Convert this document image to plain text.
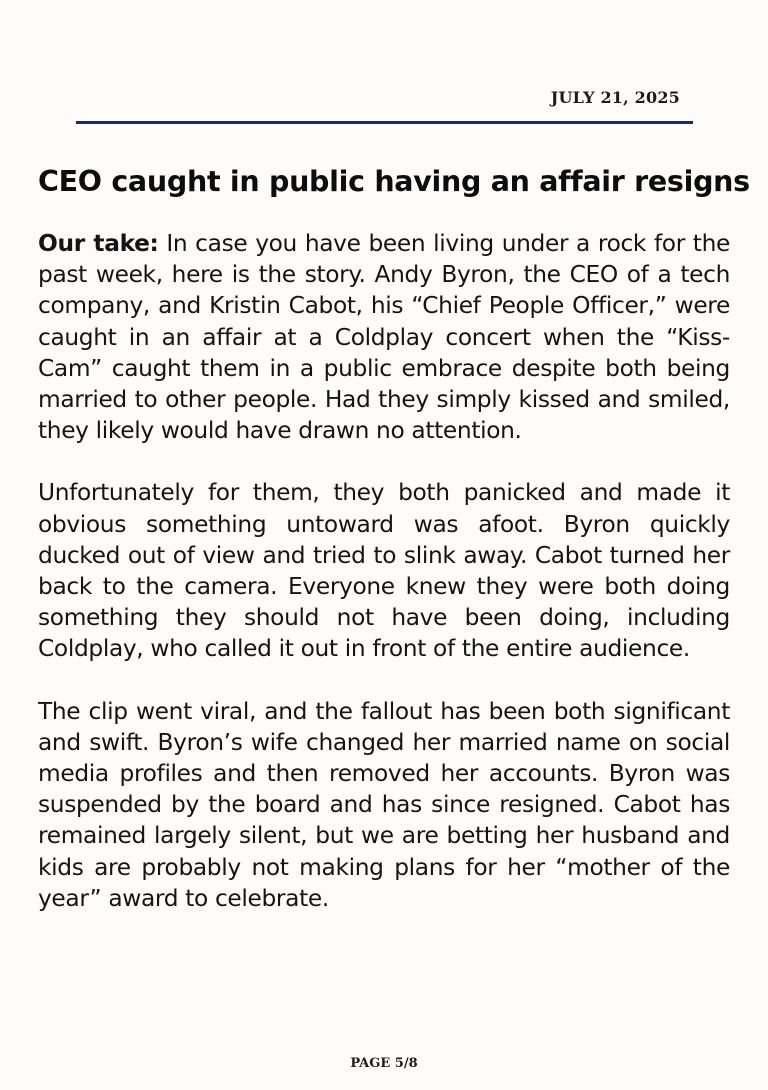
JULY 21, 2025

CEO caught in public having an affair resigns

Our take: In case you have been living under a rock for the past week, here is the story. Andy Byron, the CEO of a tech company, and Kristin Cabot, his “Chief People Officer,” were caught in an affair at a Coldplay concert when the “Kiss-Cam” caught them in a public embrace despite both being married to other people. Had they simply kissed and smiled, they likely would have drawn no attention.

Unfortunately for them, they both panicked and made it obvious something untoward was afoot. Byron quickly ducked out of view and tried to slink away. Cabot turned her back to the camera. Everyone knew they were both doing something they should not have been doing, including Coldplay, who called it out in front of the entire audience.

The clip went viral, and the fallout has been both significant and swift. Byron’s wife changed her married name on social media profiles and then removed her accounts. Byron was suspended by the board and has since resigned. Cabot has remained largely silent, but we are betting her husband and kids are probably not making plans for her “mother of the year” award to celebrate.

PAGE 5/8
